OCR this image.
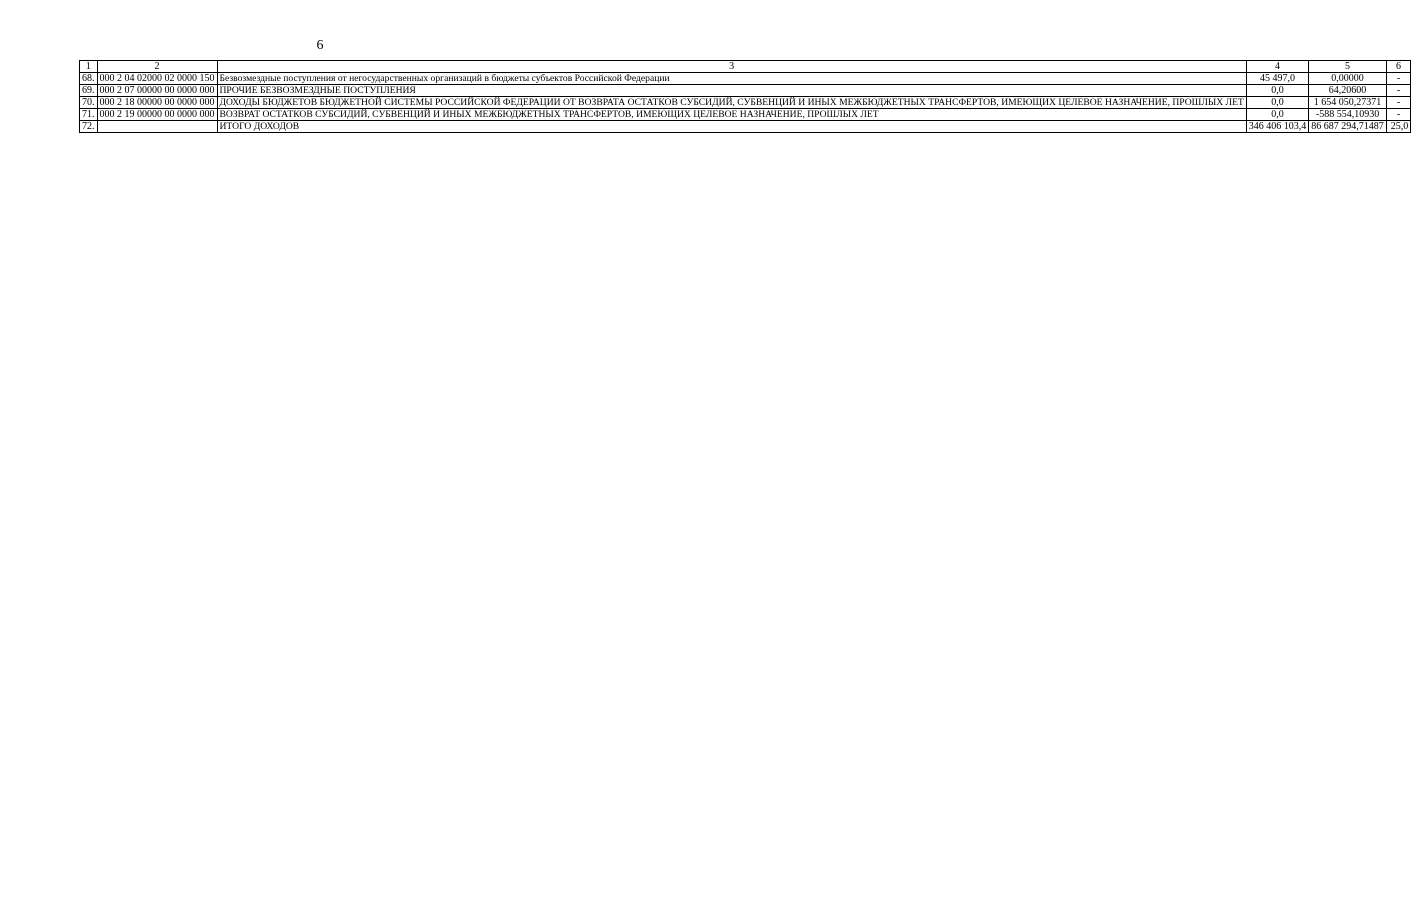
6
1	2	3	4	5	6
68.	000 2 04 02000 02 0000 150	Безвозмездные поступления от негосударственных организаций в бюджеты субъектов Российской Федерации	45 497,0	0,00000	-
69.	000 2 07 00000 00 0000 000	ПРОЧИЕ БЕЗВОЗМЕЗДНЫЕ ПОСТУПЛЕНИЯ	0,0	64,20600	-
70.	000 2 18 00000 00 0000 000	ДОХОДЫ БЮДЖЕТОВ БЮДЖЕТНОЙ СИСТЕМЫ РОССИЙСКОЙ ФЕДЕРАЦИИ ОТ ВОЗВРАТА ОСТАТКОВ СУБСИДИЙ, СУБВЕНЦИЙ И ИНЫХ МЕЖБЮДЖЕТНЫХ ТРАНСФЕРТОВ, ИМЕЮЩИХ ЦЕЛЕВОЕ НАЗНАЧЕНИЕ, ПРОШЛЫХ ЛЕТ	0,0	1 654 050,27371	-
71.	000 2 19 00000 00 0000 000	ВОЗВРАТ ОСТАТКОВ СУБСИДИЙ, СУБВЕНЦИЙ И ИНЫХ МЕЖБЮДЖЕТНЫХ ТРАНСФЕРТОВ, ИМЕЮЩИХ ЦЕЛЕВОЕ НАЗНАЧЕНИЕ, ПРОШЛЫХ ЛЕТ	0,0	-588 554,10930	-
72.		ИТОГО ДОХОДОВ	346 406 103,4	86 687 294,71487	25,0
